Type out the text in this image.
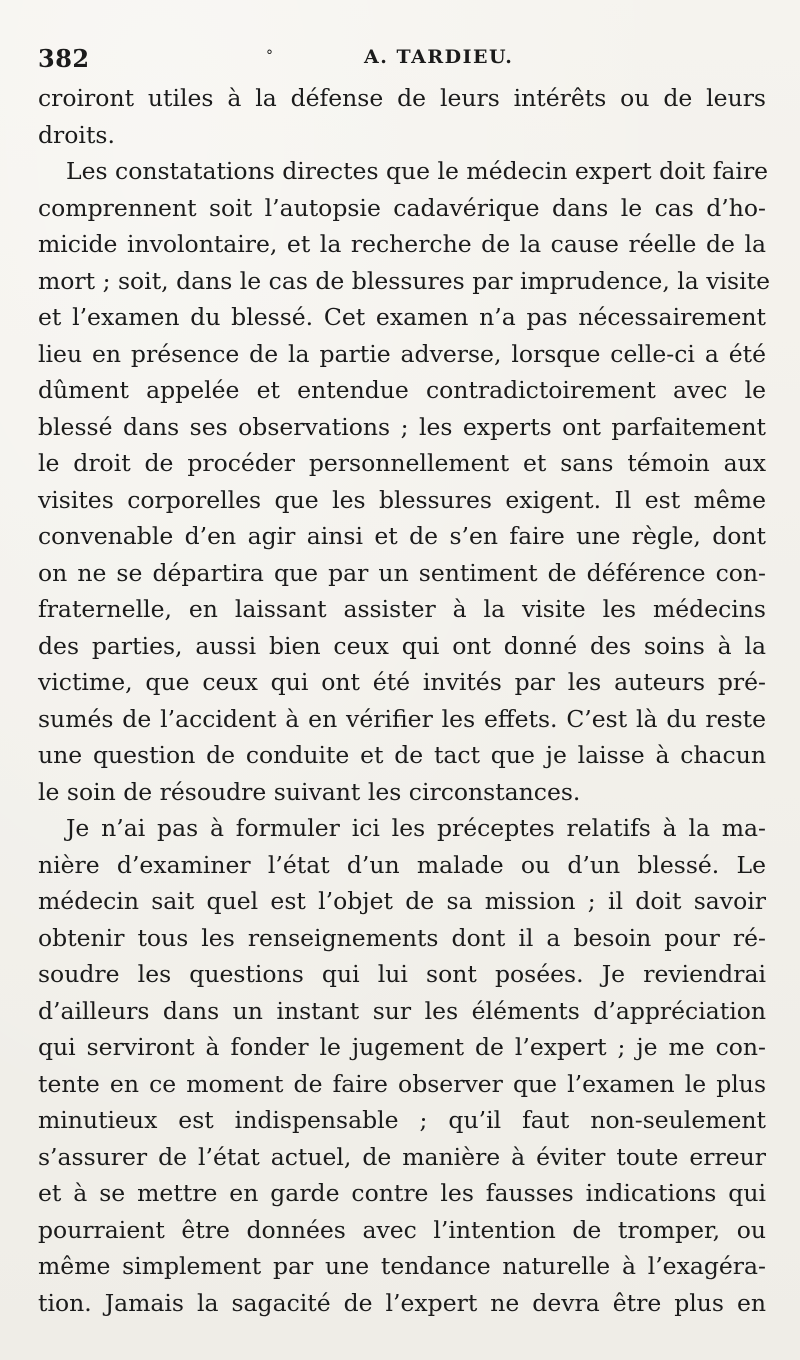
382	°	A. TARDIEU.
croiront utiles à la défense de leurs intérêts ou de leurs
droits.
Les constatations directes que le médecin expert doit faire
comprennent soit l’autopsie cadavérique dans le cas d’ho-
micide involontaire, et la recherche de la cause réelle de la
mort ; soit, dans le cas de blessures par imprudence, la visite
et l’examen du blessé. Cet examen n’a pas nécessairement
lieu en présence de la partie adverse, lorsque celle-ci a été
dûment appelée et entendue contradictoirement avec le
blessé dans ses observations ; les experts ont parfaitement
le droit de procéder personnellement et sans témoin aux
visites corporelles que les blessures exigent. Il est même
convenable d’en agir ainsi et de s’en faire une règle, dont
on ne se départira que par un sentiment de déférence con-
fraternelle, en laissant assister à la visite les médecins
des parties, aussi bien ceux qui ont donné des soins à la
victime, que ceux qui ont été invités par les auteurs pré-
sumés de l’accident à en vérifier les effets. C’est là du reste
une question de conduite et de tact que je laisse à chacun
le soin de résoudre suivant les circonstances.
Je n’ai pas à formuler ici les préceptes relatifs à la ma-
nière d’examiner l’état d’un malade ou d’un blessé. Le
médecin sait quel est l’objet de sa mission ; il doit savoir
obtenir tous les renseignements dont il a besoin pour ré-
soudre les questions qui lui sont posées. Je reviendrai
d’ailleurs dans un instant sur les éléments d’appréciation
qui serviront à fonder le jugement de l’expert ; je me con-
tente en ce moment de faire observer que l’examen le plus
minutieux est indispensable ; qu’il faut non-seulement
s’assurer de l’état actuel, de manière à éviter toute erreur
et à se mettre en garde contre les fausses indications qui
pourraient être données avec l’intention de tromper, ou
même simplement par une tendance naturelle à l’exagéra-
tion. Jamais la sagacité de l’expert ne devra être plus en
